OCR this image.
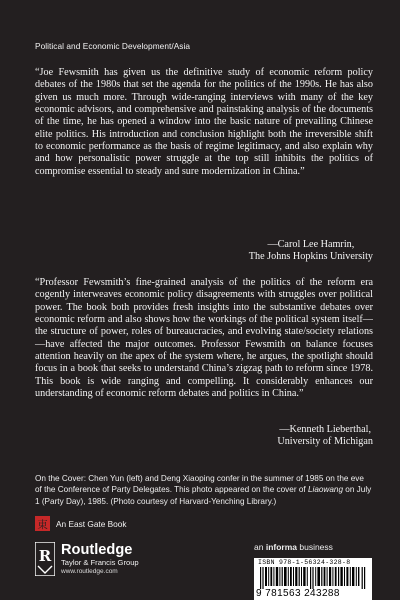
Political and Economic Development/Asia
“Joe Fewsmith has given us the definitive study of economic reform policy debates of the 1980s that set the agenda for the politics of the 1990s. He has also given us much more. Through wide-ranging interviews with many of the key economic advisors, and comprehensive and painstaking analysis of the documents of the time, he has opened a window into the basic nature of prevailing Chinese elite politics. His introduction and conclusion highlight both the irreversible shift to economic performance as the basis of regime legitimacy, and also explain why and how personalistic power struggle at the top still inhibits the politics of compromise essential to steady and sure modernization in China.”
—Carol Lee Hamrin,
The Johns Hopkins University
“Professor Fewsmith’s fine-grained analysis of the politics of the reform era cogently interweaves economic policy disagreements with struggles over political power. The book both provides fresh insights into the substantive debates over economic reform and also shows how the workings of the political system itself—the structure of power, roles of bureaucracies, and evolving state/society relations—have affected the major outcomes. Professor Fewsmith on balance focuses attention heavily on the apex of the system where, he argues, the spotlight should focus in a book that seeks to understand China’s zigzag path to reform since 1978. This book is wide ranging and compelling. It considerably enhances our understanding of economic reform debates and politics in China.”
—Kenneth Lieberthal,
University of Michigan
On the Cover: Chen Yun (left) and Deng Xiaoping confer in the summer of 1985 on the eve of the Conference of Party Delegates. This photo appeared on the cover of Liaowang on July 1 (Party Day), 1985. (Photo courtesy of Harvard-Yenching Library.)
東 An East Gate Book
an informa business
R Routledge
Taylor & Francis Group
www.routledge.com
ISBN 978-1-56324-328-8
9 781563 243288
